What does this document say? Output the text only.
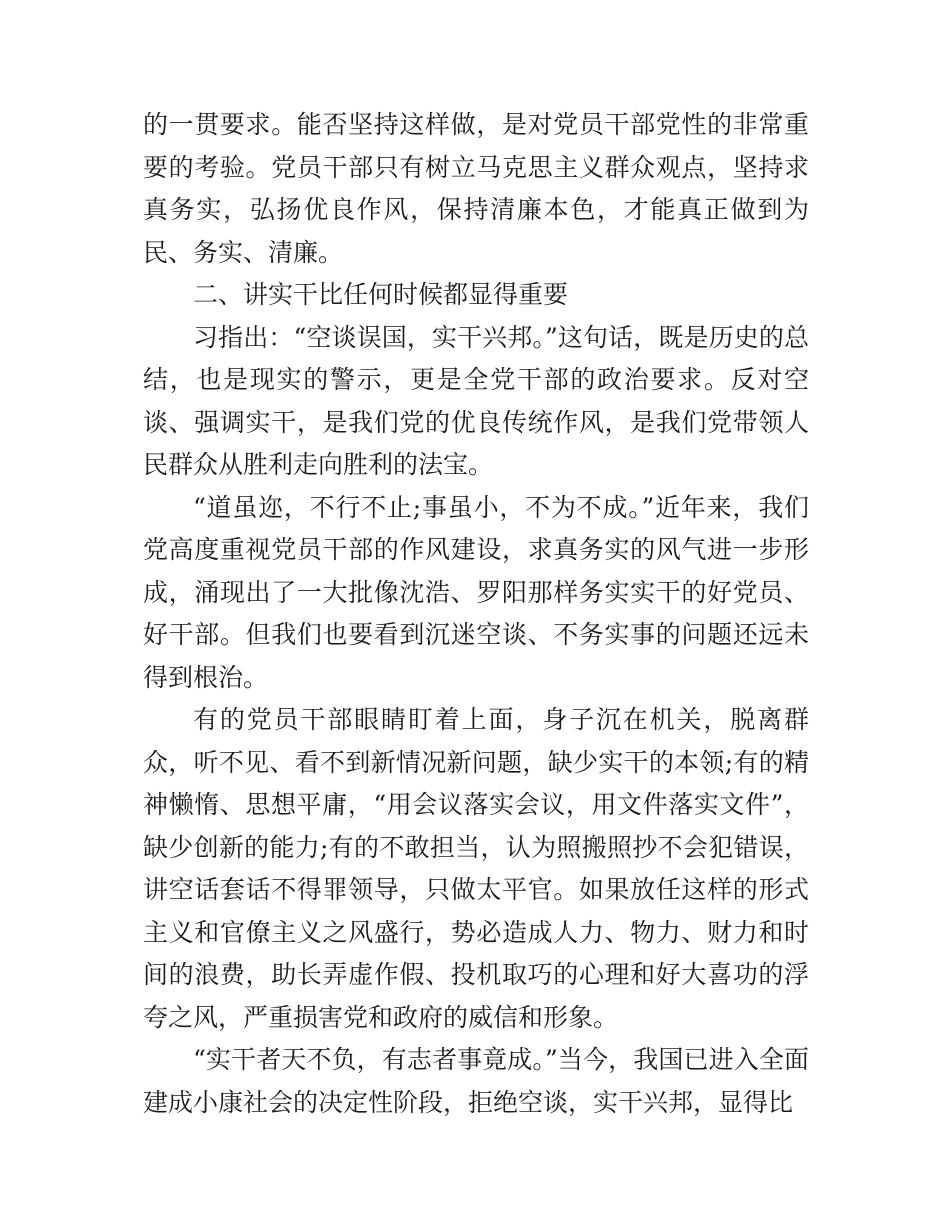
的一贯要求。能否坚持这样做，是对党员干部党性的非常重要的考验。党员干部只有树立马克思主义群众观点，坚持求真务实，弘扬优良作风，保持清廉本色，才能真正做到为民、务实、清廉。

二、讲实干比任何时候都显得重要

习指出：“空谈误国，实干兴邦。”这句话，既是历史的总结，也是现实的警示，更是全党干部的政治要求。反对空谈、强调实干，是我们党的优良传统作风，是我们党带领人民群众从胜利走向胜利的法宝。

“道虽迩，不行不止;事虽小，不为不成。”近年来，我们党高度重视党员干部的作风建设，求真务实的风气进一步形成，涌现出了一大批像沈浩、罗阳那样务实实干的好党员、好干部。但我们也要看到沉迷空谈、不务实事的问题还远未得到根治。

有的党员干部眼睛盯着上面，身子沉在机关，脱离群众，听不见、看不到新情况新问题，缺少实干的本领;有的精神懒惰、思想平庸，“用会议落实会议，用文件落实文件”，缺少创新的能力;有的不敢担当，认为照搬照抄不会犯错误，讲空话套话不得罪领导，只做太平官。如果放任这样的形式主义和官僚主义之风盛行，势必造成人力、物力、财力和时间的浪费，助长弄虚作假、投机取巧的心理和好大喜功的浮夸之风，严重损害党和政府的威信和形象。

“实干者天不负，有志者事竟成。”当今，我国已进入全面建成小康社会的决定性阶段，拒绝空谈，实干兴邦，显得比
